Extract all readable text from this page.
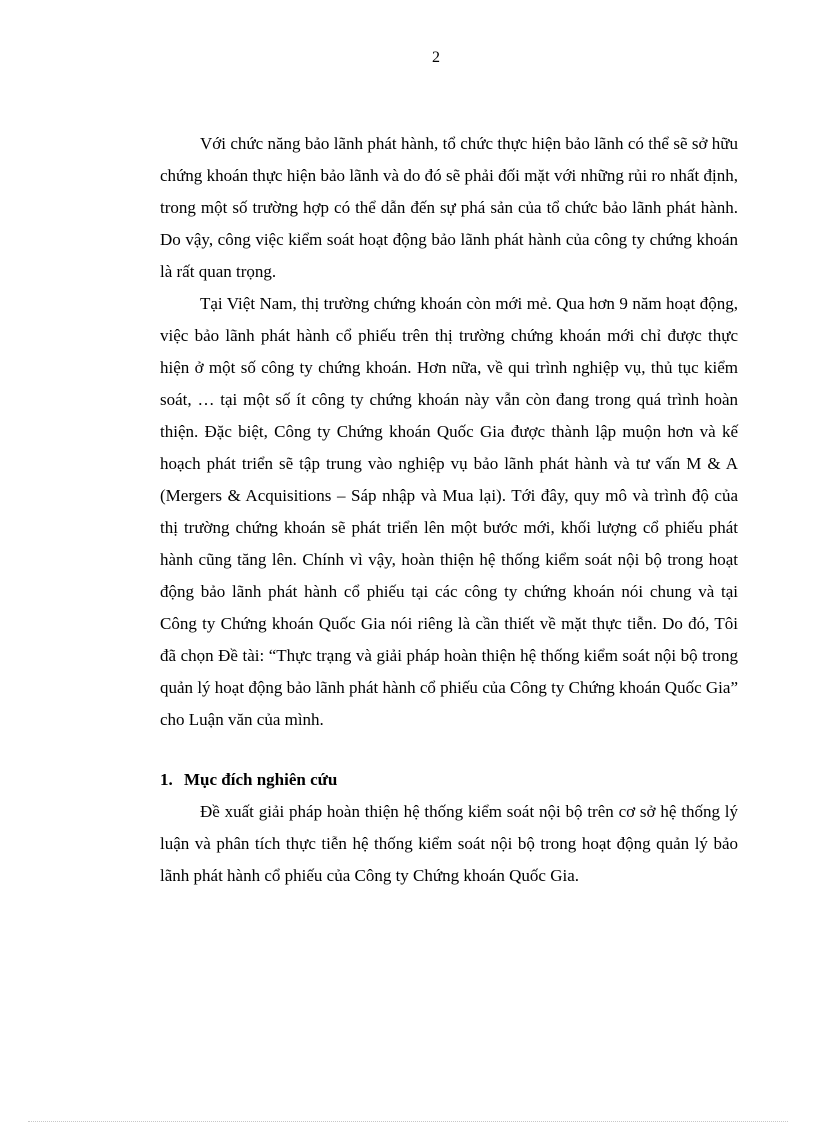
2

Với chức năng bảo lãnh phát hành, tổ chức thực hiện bảo lãnh có thể sẽ sở hữu chứng khoán thực hiện bảo lãnh và do đó sẽ phải đối mặt với những rủi ro nhất định, trong một số trường hợp có thể dẫn đến sự phá sản của tổ chức bảo lãnh phát hành. Do vậy, công việc kiểm soát hoạt động bảo lãnh phát hành của công ty chứng khoán là rất quan trọng.

Tại Việt Nam, thị trường chứng khoán còn mới mẻ. Qua hơn 9 năm hoạt động, việc bảo lãnh phát hành cổ phiếu trên thị trường chứng khoán mới chỉ được thực hiện ở một số công ty chứng khoán. Hơn nữa, về qui trình nghiệp vụ, thủ tục kiểm soát, … tại một số ít công ty chứng khoán này vẫn còn đang trong quá trình hoàn thiện. Đặc biệt, Công ty Chứng khoán Quốc Gia được thành lập muộn hơn và kế hoạch phát triển sẽ tập trung vào nghiệp vụ bảo lãnh phát hành và tư vấn M & A (Mergers & Acquisitions – Sáp nhập và Mua lại). Tới đây, quy mô và trình độ của thị trường chứng khoán sẽ phát triển lên một bước mới, khối lượng cổ phiếu phát hành cũng tăng lên. Chính vì vậy, hoàn thiện hệ thống kiểm soát nội bộ trong hoạt động bảo lãnh phát hành cổ phiếu tại các công ty chứng khoán nói chung và tại Công ty Chứng khoán Quốc Gia nói riêng là cần thiết về mặt thực tiễn. Do đó, Tôi đã chọn Đề tài: “Thực trạng và giải pháp hoàn thiện hệ thống kiểm soát nội bộ trong quản lý hoạt động bảo lãnh phát hành cổ phiếu của Công ty Chứng khoán Quốc Gia” cho Luận văn của mình.

1. Mục đích nghiên cứu

Đề xuất giải pháp hoàn thiện hệ thống kiểm soát nội bộ trên cơ sở hệ thống lý luận và phân tích thực tiễn hệ thống kiểm soát nội bộ trong hoạt động quản lý bảo lãnh phát hành cổ phiếu của Công ty Chứng khoán Quốc Gia.
